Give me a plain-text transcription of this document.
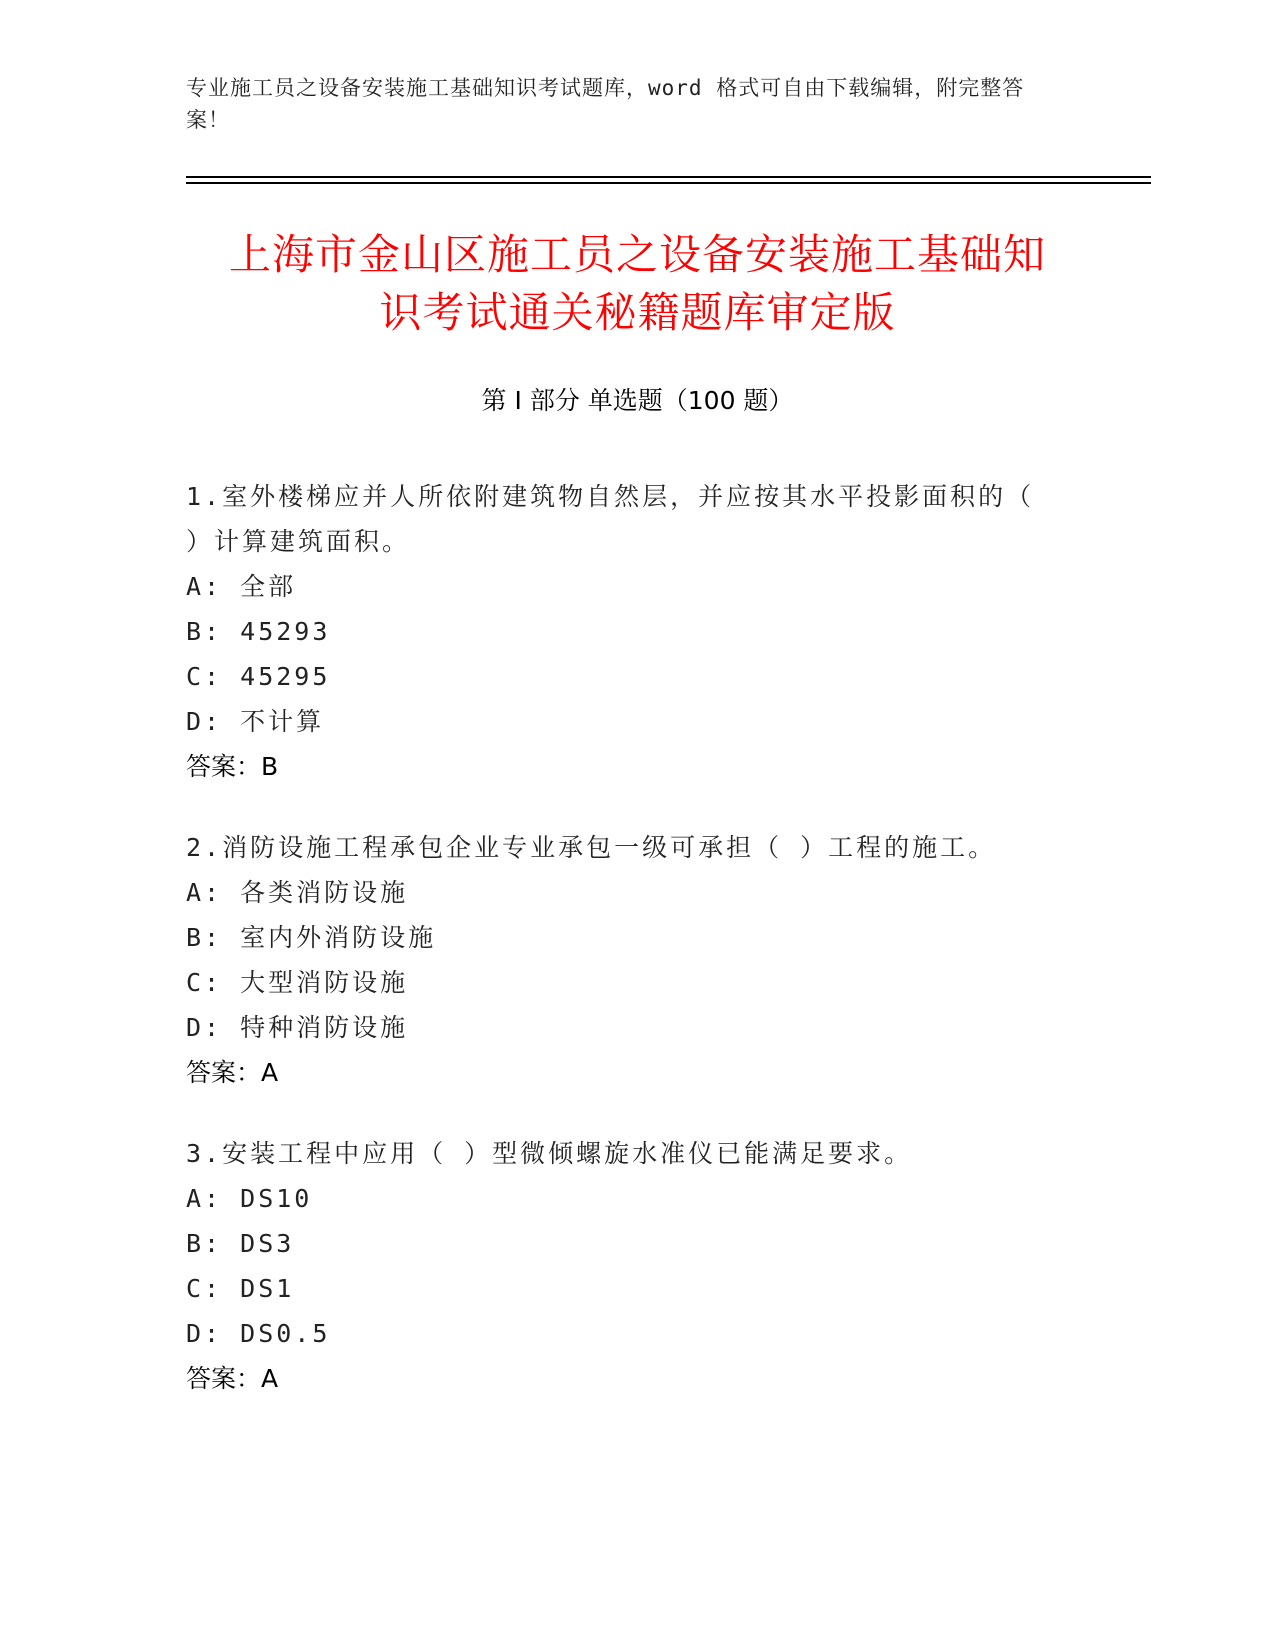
专业施工员之设备安装施工基础知识考试题库，word 格式可自由下载编辑，附完整答案！
上海市金山区施工员之设备安装施工基础知
识考试通关秘籍题库审定版
第 I 部分 单选题（100 题）
1.室外楼梯应并人所依附建筑物自然层，并应按其水平投影面积的（ ）计算建筑面积。
A: 全部
B: 45293
C: 45295
D: 不计算
答案：B
2.消防设施工程承包企业专业承包一级可承担（ ）工程的施工。
A: 各类消防设施
B: 室内外消防设施
C: 大型消防设施
D: 特种消防设施
答案：A
3.安装工程中应用（ ）型微倾螺旋水准仪已能满足要求。
A: DS10
B: DS3
C: DS1
D: DS0.5
答案：A
